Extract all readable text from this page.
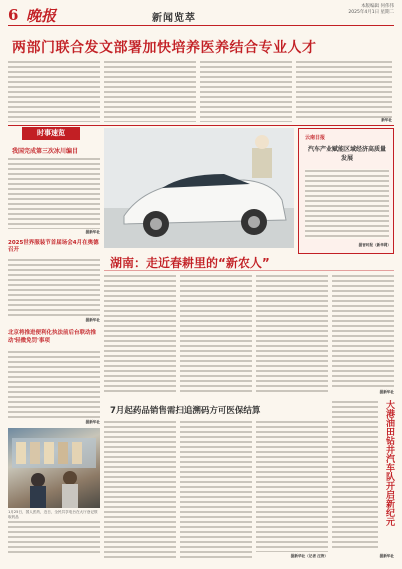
6 晚报	新闻览萃
本版编辑 何伟伟
2025年4月1日 星期二
两部门联合发文部署加快培养医养结合专业人才
新华社
时事速览
我国完成第三次冰川编目
据新华社
2025世界服装节首届场会4月在奥德召开
据新华社
北京将推进便利化执法前后台联动推动'轻微免罚'事项
据新华社
1月25日，国人医药，近日，全民共享电台在大厅登记领取药品
云南日报
汽车产业赋能区域经济高质量发展
据晋时报（新华网）
湖南：走近春耕里的“新农人”
据新华社
7月起药品销售需扫追溯码方可医保结算
据新华社（记者 汪涛）
大港油田钻井汽车队开启新纪元
据新华社
